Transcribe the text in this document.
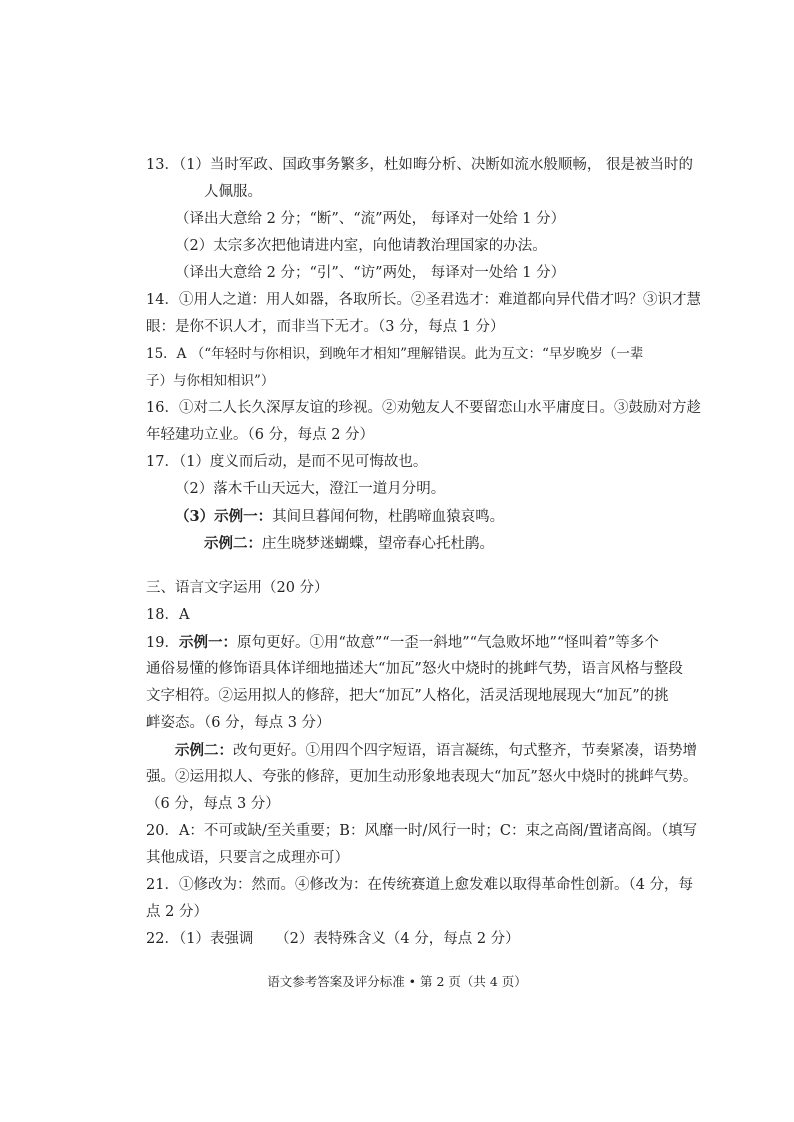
13．（1）当时军政、国政事务繁多，杜如晦分析、决断如流水般顺畅， 很是被当时的
人佩服。
（译出大意给 2 分；“断”、“流”两处， 每译对一处给 1 分）
（2）太宗多次把他请进内室，向他请教治理国家的办法。
（译出大意给 2 分；“引”、“访”两处， 每译对一处给 1 分）
14．①用人之道：用人如器，各取所长。②圣君选才：难道都向异代借才吗？③识才慧
眼：是你不识人才，而非当下无才。（3 分，每点 1 分）
15．A （“年轻时与你相识，到晚年才相知”理解错误。此为互文：“早岁晚岁（一辈
子）与你相知相识”）
16．①对二人长久深厚友谊的珍视。②劝勉友人不要留恋山水平庸度日。③鼓励对方趁
年轻建功立业。（6 分，每点 2 分）
17．（1）度义而后动，是而不见可悔故也。
（2）落木千山天远大，澄江一道月分明。
（3）示例一：其间旦暮闻何物，杜鹃啼血猿哀鸣。
示例二：庄生晓梦迷蝴蝶，望帝春心托杜鹃。
三、语言文字运用（20 分）
18．A
19．示例一：原句更好。①用“故意”“一歪一斜地”“气急败坏地”“怪叫着”等多个
通俗易懂的修饰语具体详细地描述大“加瓦”怒火中烧时的挑衅气势，语言风格与整段
文字相符。②运用拟人的修辞，把大“加瓦”人格化，活灵活现地展现大“加瓦”的挑
衅姿态。（6 分，每点 3 分）
示例二：改句更好。①用四个四字短语，语言凝练，句式整齐，节奏紧凑，语势增
强。②运用拟人、夸张的修辞，更加生动形象地表现大“加瓦”怒火中烧时的挑衅气势。
（6 分，每点 3 分）
20．A：不可或缺/至关重要；B：风靡一时/风行一时；C：束之高阁/置诸高阁。（填写
其他成语，只要言之成理亦可）
21．①修改为：然而。④修改为：在传统赛道上愈发难以取得革命性创新。（4 分，每
点 2 分）
22．（1）表强调　　（2）表特殊含义（4 分，每点 2 分）
语文参考答案及评分标准 • 第 2 页（共 4 页）
